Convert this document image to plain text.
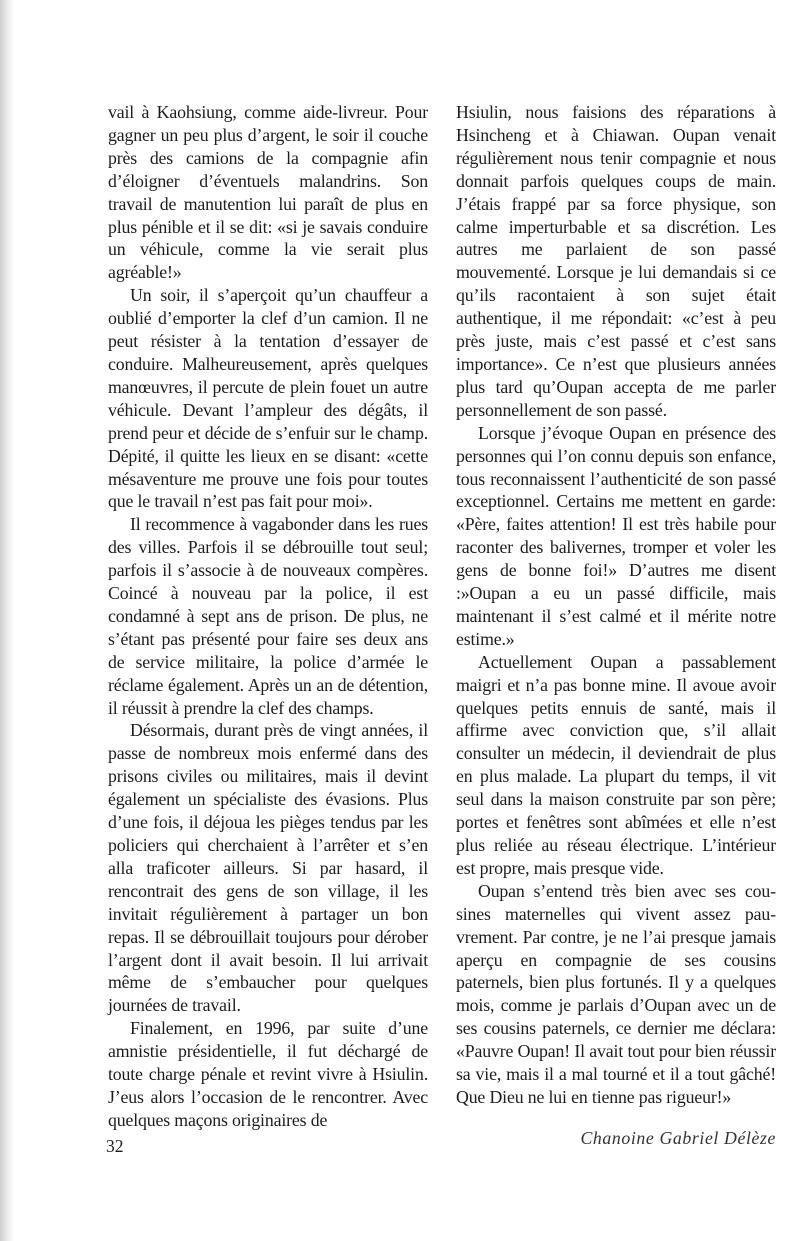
vail à Kaohsiung, comme aide-livreur. Pour gagner un peu plus d’argent, le soir il couche près des camions de la compagnie afin d’éloigner d’éventuels malandrins. Son travail de manutention lui paraît de plus en plus pénible et il se dit: «si je savais conduire un véhicule, comme la vie serait plus agréable!»

Un soir, il s’aperçoit qu’un chauffeur a oublié d’emporter la clef d’un camion. Il ne peut résister à la tentation d’essayer de conduire. Malheureusement, après quelques manœuvres, il percute de plein fouet un autre véhicule. Devant l’ampleur des dégâts, il prend peur et décide de s’enfuir sur le champ. Dépité, il quitte les lieux en se disant: «cette mésaventure me prouve une fois pour toutes que le travail n’est pas fait pour moi».

Il recommence à vagabonder dans les rues des villes. Parfois il se débrouille tout seul; parfois il s’associe à de nouveaux compères. Coincé à nouveau par la police, il est condamné à sept ans de prison. De plus, ne s’étant pas présenté pour faire ses deux ans de service militaire, la police d’armée le réclame également. Après un an de détention, il réussit à prendre la clef des champs.

Désormais, durant près de vingt années, il passe de nombreux mois enfermé dans des prisons civiles ou militaires, mais il devint également un spécialiste des évasions. Plus d’une fois, il déjoua les pièges tendus par les policiers qui cherchaient à l’arrêter et s’en alla traficoter ailleurs. Si par hasard, il rencontrait des gens de son village, il les invitait régulièrement à partager un bon repas. Il se débrouillait toujours pour dérober l’argent dont il avait besoin. Il lui arrivait même de s’embaucher pour quelques journées de travail.

Finalement, en 1996, par suite d’une amnistie présidentielle, il fut déchargé de toute charge pénale et revint vivre à Hsiulin. J’eus alors l’occasion de le rencontrer. Avec quelques maçons originaires de

Hsiulin, nous faisions des réparations à Hsincheng et à Chiawan. Oupan venait régulièrement nous tenir compagnie et nous donnait parfois quelques coups de main. J’étais frappé par sa force physique, son calme imperturbable et sa discrétion. Les autres me parlaient de son passé mouvementé. Lorsque je lui demandais si ce qu’ils racontaient à son sujet était authentique, il me répondait: «c’est à peu près juste, mais c’est passé et c’est sans importance». Ce n’est que plusieurs années plus tard qu’Oupan accepta de me parler personnellement de son passé.

Lorsque j’évoque Oupan en présence des personnes qui l’on connu depuis son enfance, tous reconnaissent l’authenticité de son passé exceptionnel. Certains me mettent en garde: «Père, faites attention! Il est très habile pour raconter des balivernes, tromper et voler les gens de bonne foi!» D’autres me disent :»Oupan a eu un passé difficile, mais maintenant il s’est calmé et il mérite notre estime.»

Actuellement Oupan a passablement maigri et n’a pas bonne mine. Il avoue avoir quelques petits ennuis de santé, mais il affirme avec conviction que, s’il allait consulter un médecin, il deviendrait de plus en plus malade. La plupart du temps, il vit seul dans la maison construite par son père; portes et fenêtres sont abîmées et elle n’est plus reliée au réseau électrique. L’intérieur est propre, mais presque vide.

Oupan s’entend très bien avec ses cousines maternelles qui vivent assez pauvrement. Par contre, je ne l’ai presque jamais aperçu en compagnie de ses cousins paternels, bien plus fortunés. Il y a quelques mois, comme je parlais d’Oupan avec un de ses cousins paternels, ce dernier me déclara: «Pauvre Oupan! Il avait tout pour bien réussir sa vie, mais il a mal tourné et il a tout gâché! Que Dieu ne lui en tienne pas rigueur!»

Chanoine Gabriel Délèze
32
